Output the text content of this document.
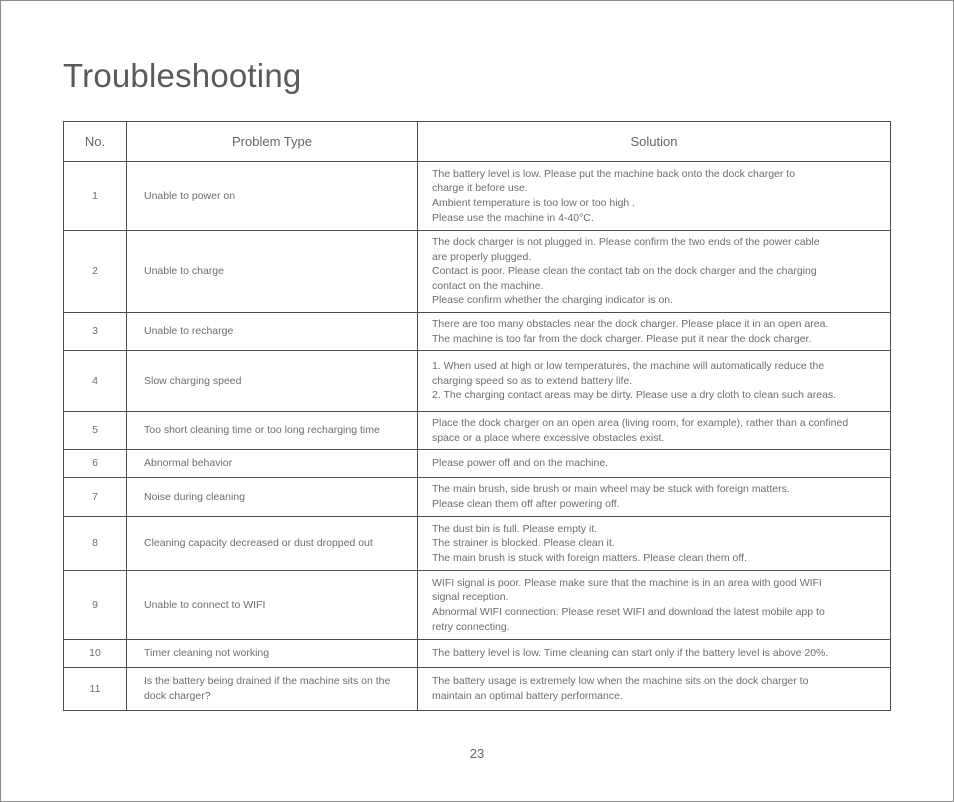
Troubleshooting
No.	Problem Type	Solution
1	Unable to power on	The battery level is low. Please put the machine back onto the dock charger to
charge it before use.
Ambient temperature is too low or too high .
Please use the machine in 4-40°C.

2	Unable to charge	The dock charger is not plugged in. Please confirm the two ends of the power cable
are properly plugged.
Contact is poor. Please clean the contact tab on the dock charger and the charging
contact on the machine.
Please confirm whether the charging indicator is on.

3	Unable to recharge	There are too many obstacles near the dock charger. Please place it in an open area.
The machine is too far from the dock charger. Please put it near the dock charger.

4	Slow charging speed	1. When used at high or low temperatures, the machine will automatically reduce the
charging speed so as to extend battery life.
2. The charging contact areas may be dirty. Please use a dry cloth to clean such areas.

5	Too short cleaning time or too long recharging time	Place the dock charger on an open area (living room, for example), rather than a confined
space or a place where excessive obstacles exist.

6	Abnormal behavior	Please power off and on the machine.

7	Noise during cleaning	The main brush, side brush or main wheel may be stuck with foreign matters.
Please clean them off after powering off.

8	Cleaning capacity decreased or dust dropped out	The dust bin is full. Please empty it.
The strainer is blocked. Please clean it.
The main brush is stuck with foreign matters. Please clean them off.

9	Unable to connect to WIFI	WIFI signal is poor. Please make sure that the machine is in an area with good WIFI
signal reception.
Abnormal WIFI connection: Please reset WIFI and download the latest mobile app to
retry connecting.

10	Timer cleaning not working	The battery level is low. Time cleaning can start only if the battery level is above 20%.

11	Is the battery being drained if the machine sits on the dock charger?	The battery usage is extremely low when the machine sits on the dock charger to
maintain an optimal battery performance.
23
